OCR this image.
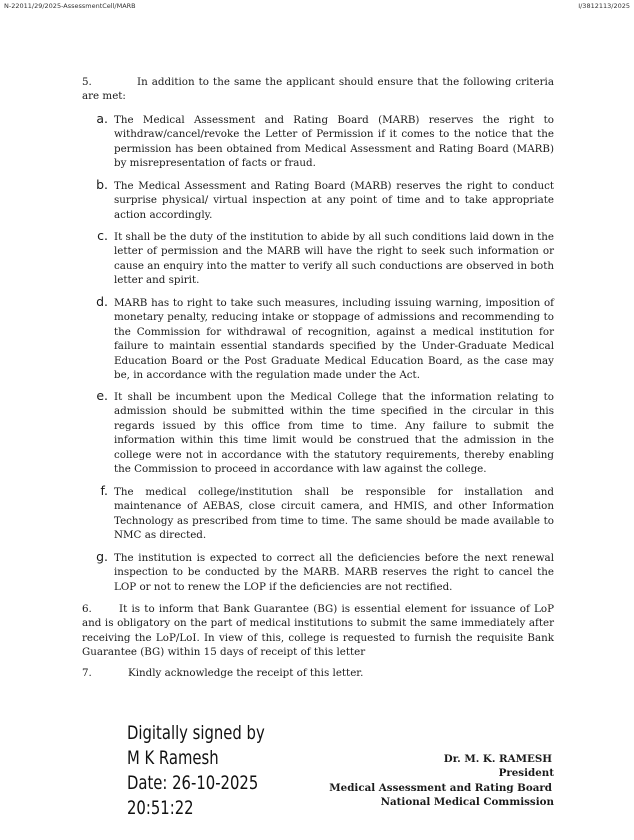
N-22011/29/2025-AssessmentCell/MARB	I/3812113/2025
5.	In addition to the same the applicant should ensure that the following criteria are met:
a. The Medical Assessment and Rating Board (MARB) reserves the right to withdraw/cancel/revoke the Letter of Permission if it comes to the notice that the permission has been obtained from Medical Assessment and Rating Board (MARB) by misrepresentation of facts or fraud.
b. The Medical Assessment and Rating Board (MARB) reserves the right to conduct surprise physical/ virtual inspection at any point of time and to take appropriate action accordingly.
c. It shall be the duty of the institution to abide by all such conditions laid down in the letter of permission and the MARB will have the right to seek such information or cause an enquiry into the matter to verify all such conductions are observed in both letter and spirit.
d. MARB has to right to take such measures, including issuing warning, imposition of monetary penalty, reducing intake or stoppage of admissions and recommending to the Commission for withdrawal of recognition, against a medical institution for failure to maintain essential standards specified by the Under-Graduate Medical Education Board or the Post Graduate Medical Education Board, as the case may be, in accordance with the regulation made under the Act.
e. It shall be incumbent upon the Medical College that the information relating to admission should be submitted within the time specified in the circular in this regards issued by this office from time to time. Any failure to submit the information within this time limit would be construed that the admission in the college were not in accordance with the statutory requirements, thereby enabling the Commission to proceed in accordance with law against the college.
f. The medical college/institution shall be responsible for installation and maintenance of AEBAS, close circuit camera, and HMIS, and other Information Technology as prescribed from time to time. The same should be made available to NMC as directed.
g. The institution is expected to correct all the deficiencies before the next renewal inspection to be conducted by the MARB. MARB reserves the right to cancel the LOP or not to renew the LOP if the deficiencies are not rectified.
6.	It is to inform that Bank Guarantee (BG) is essential element for issuance of LoP and is obligatory on the part of medical institutions to submit the same immediately after receiving the LoP/LoI. In view of this, college is requested to furnish the requisite Bank Guarantee (BG) within 15 days of receipt of this letter
7.	Kindly acknowledge the receipt of this letter.
Digitally signed by
M K Ramesh
Date: 26-10-2025
20:51:22
Dr. M. K. RAMESH
President
Medical Assessment and Rating Board
National Medical Commission
